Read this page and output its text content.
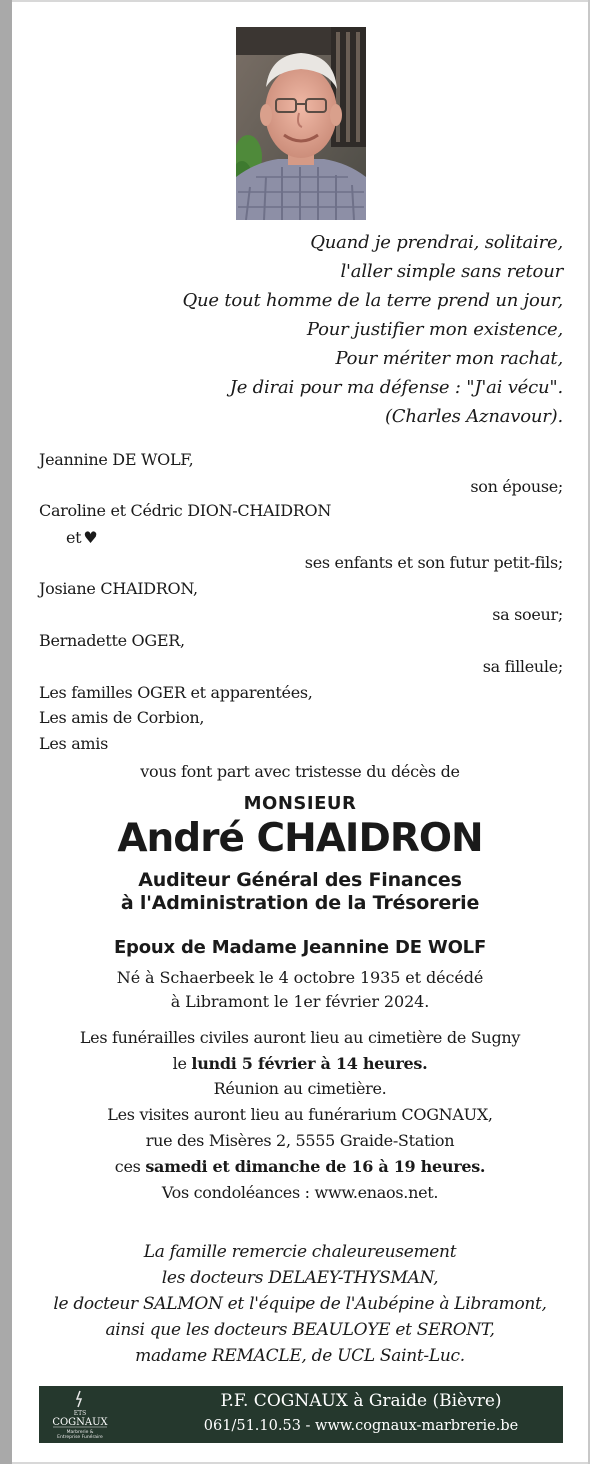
Quand je prendrai, solitaire,
l'aller simple sans retour
Que tout homme de la terre prend un jour,
Pour justifier mon existence,
Pour mériter mon rachat,
Je dirai pour ma défense : "J'ai vécu".
(Charles Aznavour).
Jeannine DE WOLF,
son épouse;
Caroline et Cédric DION-CHAIDRON
et ♥
ses enfants et son futur petit-fils;
Josiane CHAIDRON,
sa soeur;
Bernadette OGER,
sa filleule;
Les familles OGER et apparentées,
Les amis de Corbion,
Les amis
vous font part avec tristesse du décès de
MONSIEUR
André CHAIDRON
Auditeur Général des Finances
à l'Administration de la Trésorerie
Epoux de Madame Jeannine DE WOLF
Né à Schaerbeek le 4 octobre 1935 et décédé
à Libramont le 1er février 2024.
Les funérailles civiles auront lieu au cimetière de Sugny
le lundi 5 février à 14 heures.
Réunion au cimetière.
Les visites auront lieu au funérarium COGNAUX,
rue des Misères 2, 5555 Graide-Station
ces samedi et dimanche de 16 à 19 heures.
Vos condoléances : www.enaos.net.
La famille remercie chaleureusement
les docteurs DELAEY-THYSMAN,
le docteur SALMON et l'équipe de l'Aubépine à Libramont,
ainsi que les docteurs BEAULOYE et SERONT,
madame REMACLE, de UCL Saint-Luc.
ETS
COGNAUX
Marbrerie &
Entreprise Funéraire
P.F. COGNAUX à Graide (Bièvre)
061/51.10.53 - www.cognaux-marbrerie.be
